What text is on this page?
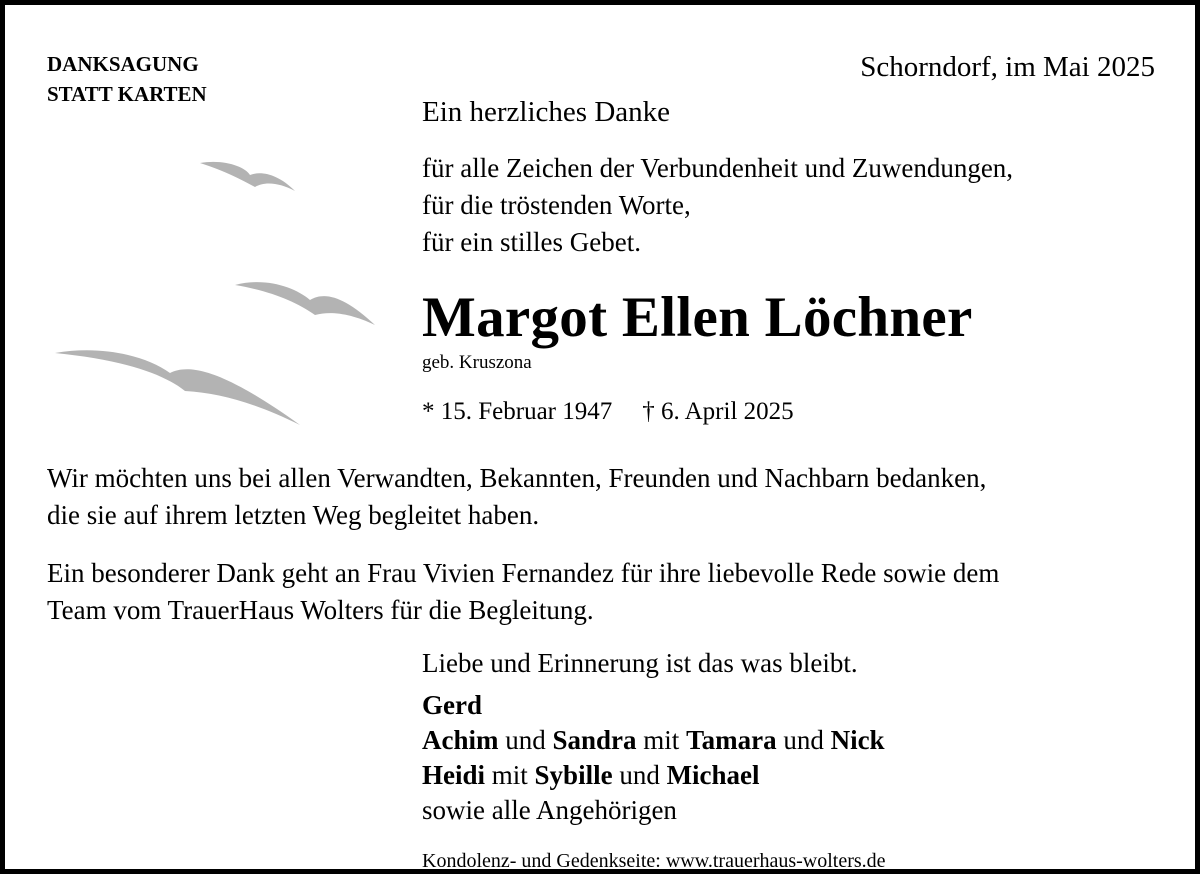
DANKSAGUNG
STATT KARTEN
Schorndorf, im Mai 2025
Ein herzliches Danke
für alle Zeichen der Verbundenheit und Zuwendungen,
für die tröstenden Worte,
für ein stilles Gebet.
Margot Ellen Löchner
geb. Kruszona
* 15. Februar 1947 † 6. April 2025
Wir möchten uns bei allen Verwandten, Bekannten, Freunden und Nachbarn bedanken,
die sie auf ihrem letzten Weg begleitet haben.
Ein besonderer Dank geht an Frau Vivien Fernandez für ihre liebevolle Rede sowie dem
Team vom TrauerHaus Wolters für die Begleitung.
Liebe und Erinnerung ist das was bleibt.
Gerd
Achim und Sandra mit Tamara und Nick
Heidi mit Sybille und Michael
sowie alle Angehörigen
Kondolenz- und Gedenkseite: www.trauerhaus-wolters.de
